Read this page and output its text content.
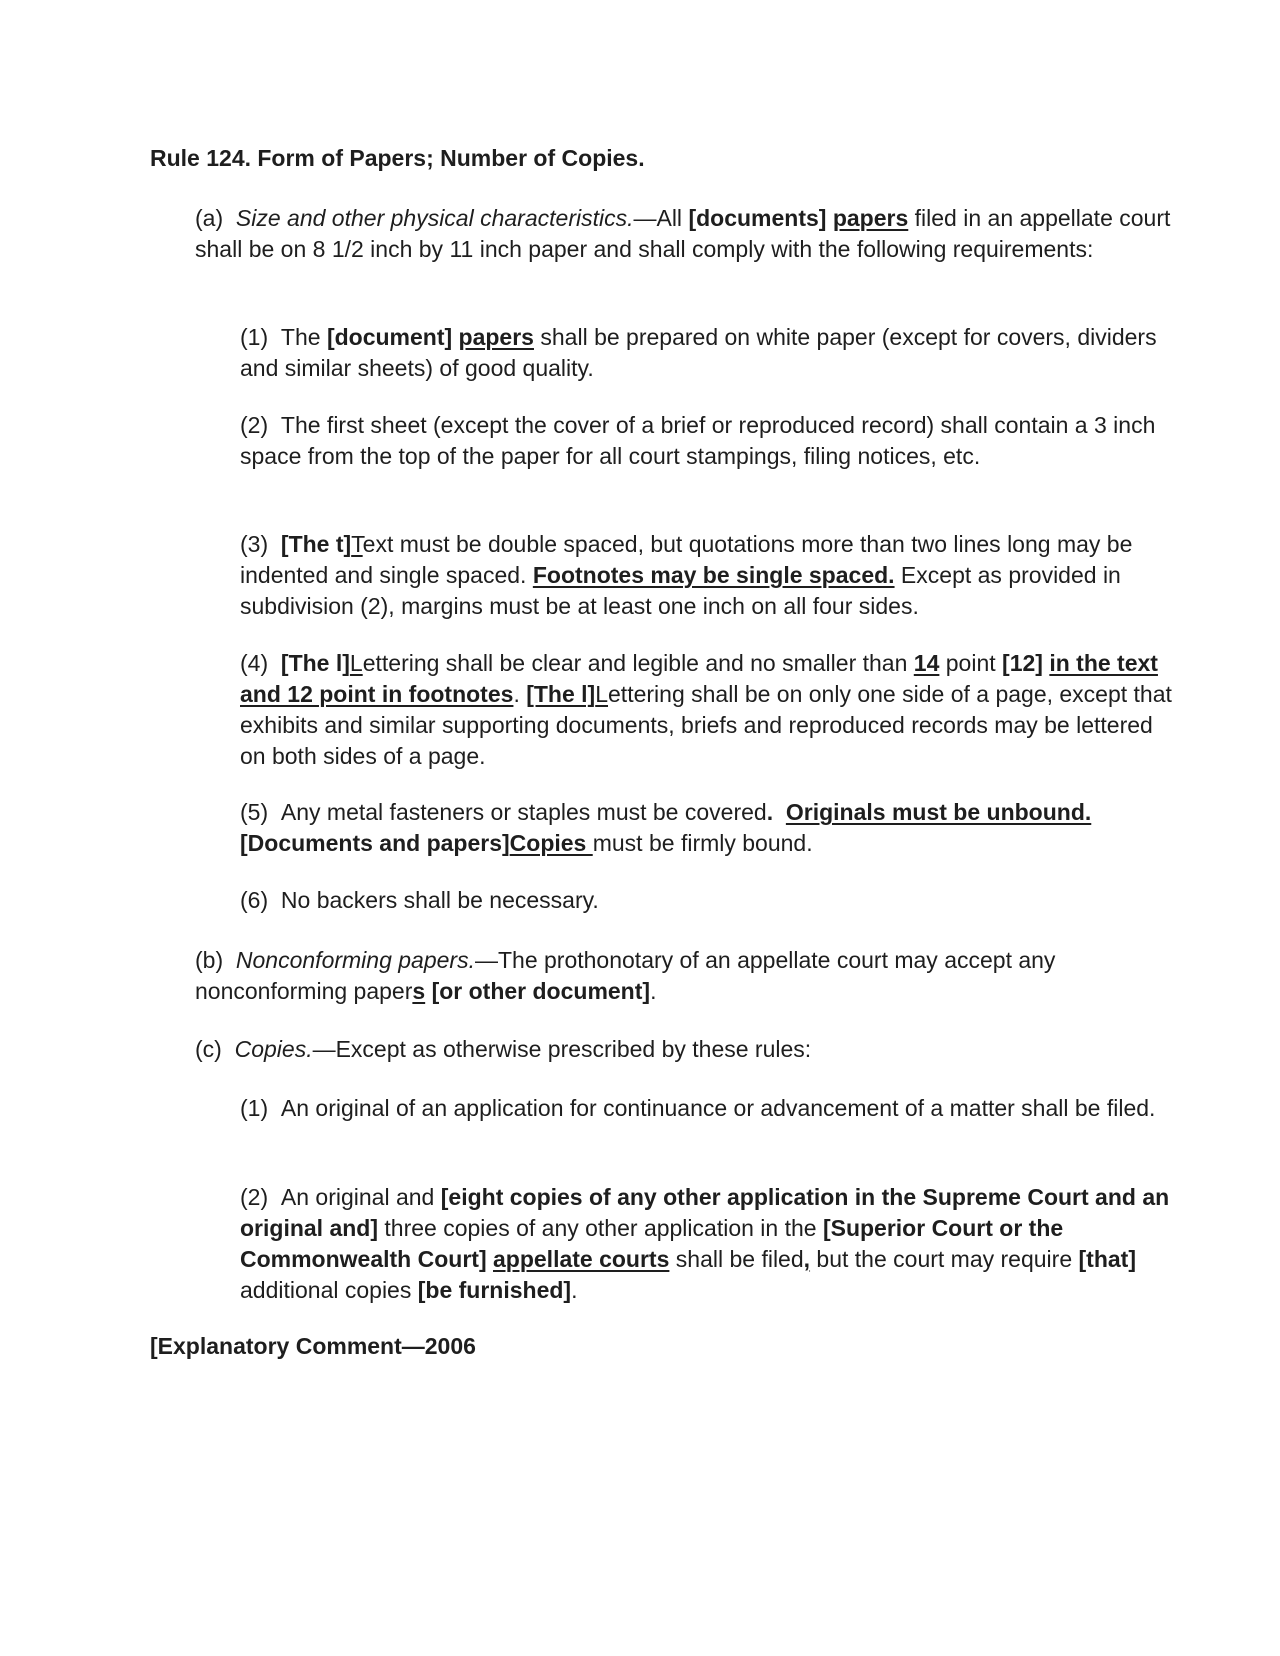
Rule 124. Form of Papers; Number of Copies.

(a) Size and other physical characteristics.—All [documents] papers filed in an appellate court shall be on 8 1/2 inch by 11 inch paper and shall comply with the following requirements:

(1) The [document] papers shall be prepared on white paper (except for covers, dividers and similar sheets) of good quality.

(2) The first sheet (except the cover of a brief or reproduced record) shall contain a 3 inch space from the top of the paper for all court stampings, filing notices, etc.

(3) [The t]Text must be double spaced, but quotations more than two lines long may be indented and single spaced. Footnotes may be single spaced. Except as provided in subdivision (2), margins must be at least one inch on all four sides.

(4) [The l]Lettering shall be clear and legible and no smaller than 14 point [12] in the text and 12 point in footnotes. [The l]Lettering shall be on only one side of a page, except that exhibits and similar supporting documents, briefs and reproduced records may be lettered on both sides of a page.

(5) Any metal fasteners or staples must be covered. Originals must be unbound. [Documents and papers]Copies must be firmly bound.

(6) No backers shall be necessary.

(b) Nonconforming papers.—The prothonotary of an appellate court may accept any nonconforming papers [or other document].

(c) Copies.—Except as otherwise prescribed by these rules:

(1) An original of an application for continuance or advancement of a matter shall be filed.

(2) An original and [eight copies of any other application in the Supreme Court and an original and] three copies of any other application in the [Superior Court or the Commonwealth Court] appellate courts shall be filed, but the court may require [that] additional copies [be furnished].

[Explanatory Comment—2006
